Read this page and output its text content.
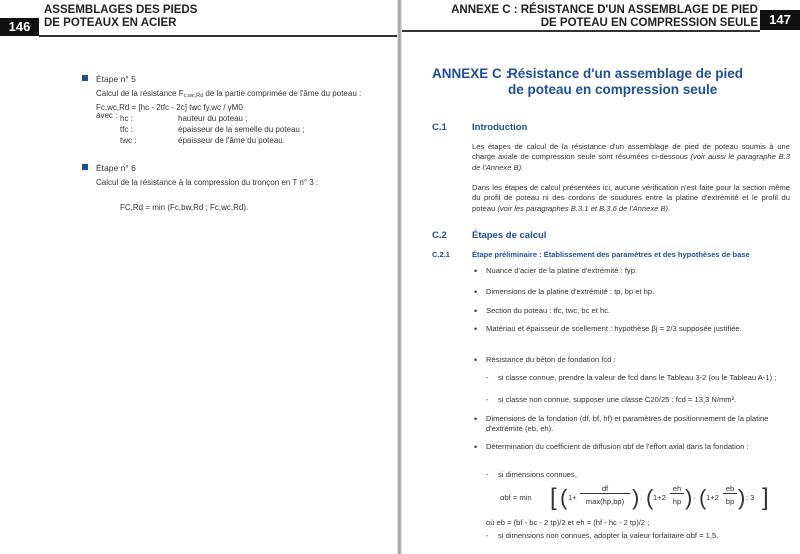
ASSEMBLAGES DES PIEDS
DE POTEAUX EN ACIER
146
Étape n° 5
Calcul de la résistance Fc,wc,Rd de la partie comprimée de l'âme du poteau :
Fc,wc,Rd = [hc - 2tfc - 2c] twc fy,wc / γM0
avec : hc :	hauteur du poteau ;
tfc :	épaisseur de la semelle du poteau ;
twc :	épaisseur de l'âme du poteau.
Étape n° 6
Calcul de la résistance à la compression du tronçon en T n° 3 :
FC,Rd = min (Fc,bw,Rd ; Fc,wc,Rd).
ANNEXE C : RÉSISTANCE D'UN ASSEMBLAGE DE PIED
DE POTEAU EN COMPRESSION SEULE 147
ANNEXE C :
Résistance d'un assemblage de pied de poteau en compression seule
C.1	Introduction
Les étapes de calcul de la résistance d'un assemblage de pied de poteau soumis à une charge axiale de compression seule sont résumées ci-dessous (voir aussi le paragraphe B.3 de l'Annexe B).
Dans les étapes de calcul présentées ici, aucune vérification n'est faite pour la section même du profil de poteau ni des cordons de soudures entre la platine d'extrémité et le profil du poteau (voir les paragraphes B.3.1 et B.3.6 de l'Annexe B).
C.2	Étapes de calcul
C.2.1	Étape préliminaire : Établissement des paramètres et des hypothèses de base
• Nuance d'acier de la platine d'extrémité : fyp.
• Dimensions de la platine d'extrémité : tp, bp et hp.
• Section du poteau : tfc, twc, bc et hc.
• Matériau et épaisseur de scellement : hypothèse βj = 2/3 supposée justifiée.
• Résistance du béton de fondation fcd :
- si classe connue, prendre la valeur de fcd dans le Tableau 3-2 (ou le Tableau A-1) ;
- si classe non connue, supposer une classe C20/25 : fcd = 13,3 N/mm².
• Dimensions de la fondation (df, bf, hf) et paramètres de positionnement de la platine d'extrémité (eb, eh).
• Détermination du coefficient de diffusion αbf de l'effort axial dans la fondation :
- si dimensions connues,
αbf = min [ ( 1+
df
max(hp,bp) ) · ( 1+2
eh
hp ) · ( 1+2
eb
bp ) ; 3 ]
où eb = (bf - bc - 2 tp)/2 et eh = (hf - hc - 2 tp)/2 ;
- si dimensions non connues, adopter la valeur forfaitaire αbf = 1,5.
